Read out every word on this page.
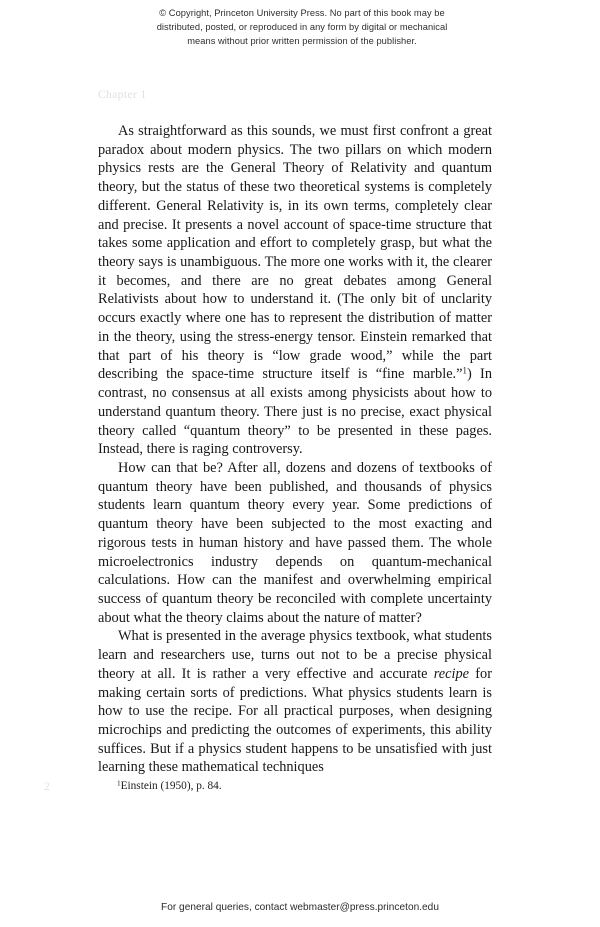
© Copyright, Princeton University Press. No part of this book may be
distributed, posted, or reproduced in any form by digital or mechanical
means without prior written permission of the publisher.
Chapter 1

As straightforward as this sounds, we must first confront a great paradox about modern physics. The two pillars on which modern physics rests are the General Theory of Relativity and quantum theory, but the status of these two theoretical systems is completely different. General Relativity is, in its own terms, completely clear and precise. It presents a novel account of space-time structure that takes some application and effort to completely grasp, but what the theory says is unambiguous. The more one works with it, the clearer it becomes, and there are no great debates among General Relativists about how to understand it. (The only bit of unclarity occurs exactly where one has to represent the distribution of matter in the theory, using the stress-energy tensor. Einstein remarked that that part of his theory is “low grade wood,” while the part describing the space-time structure itself is “fine marble.”$^1$) In contrast, no consensus at all exists among physicists about how to understand quantum theory. There just is no precise, exact physical theory called “quantum theory” to be presented in these pages. Instead, there is raging controversy.

How can that be? After all, dozens and dozens of textbooks of quantum theory have been published, and thousands of physics students learn quantum theory every year. Some predictions of quantum theory have been subjected to the most exacting and rigorous tests in human history and have passed them. The whole microelectronics industry depends on quantum-mechanical calculations. How can the manifest and overwhelming empirical success of quantum theory be reconciled with complete uncertainty about what the theory claims about the nature of matter?

What is presented in the average physics textbook, what students learn and researchers use, turns out not to be a precise physical theory at all. It is rather a very effective and accurate recipe for making certain sorts of predictions. What physics students learn is how to use the recipe. For all practical purposes, when designing microchips and predicting the outcomes of experiments, this ability suffices. But if a physics student happens to be unsatisfied with just learning these mathematical techniques

2	$^1$Einstein (1950), p. 84.
For general queries, contact webmaster@press.princeton.edu
